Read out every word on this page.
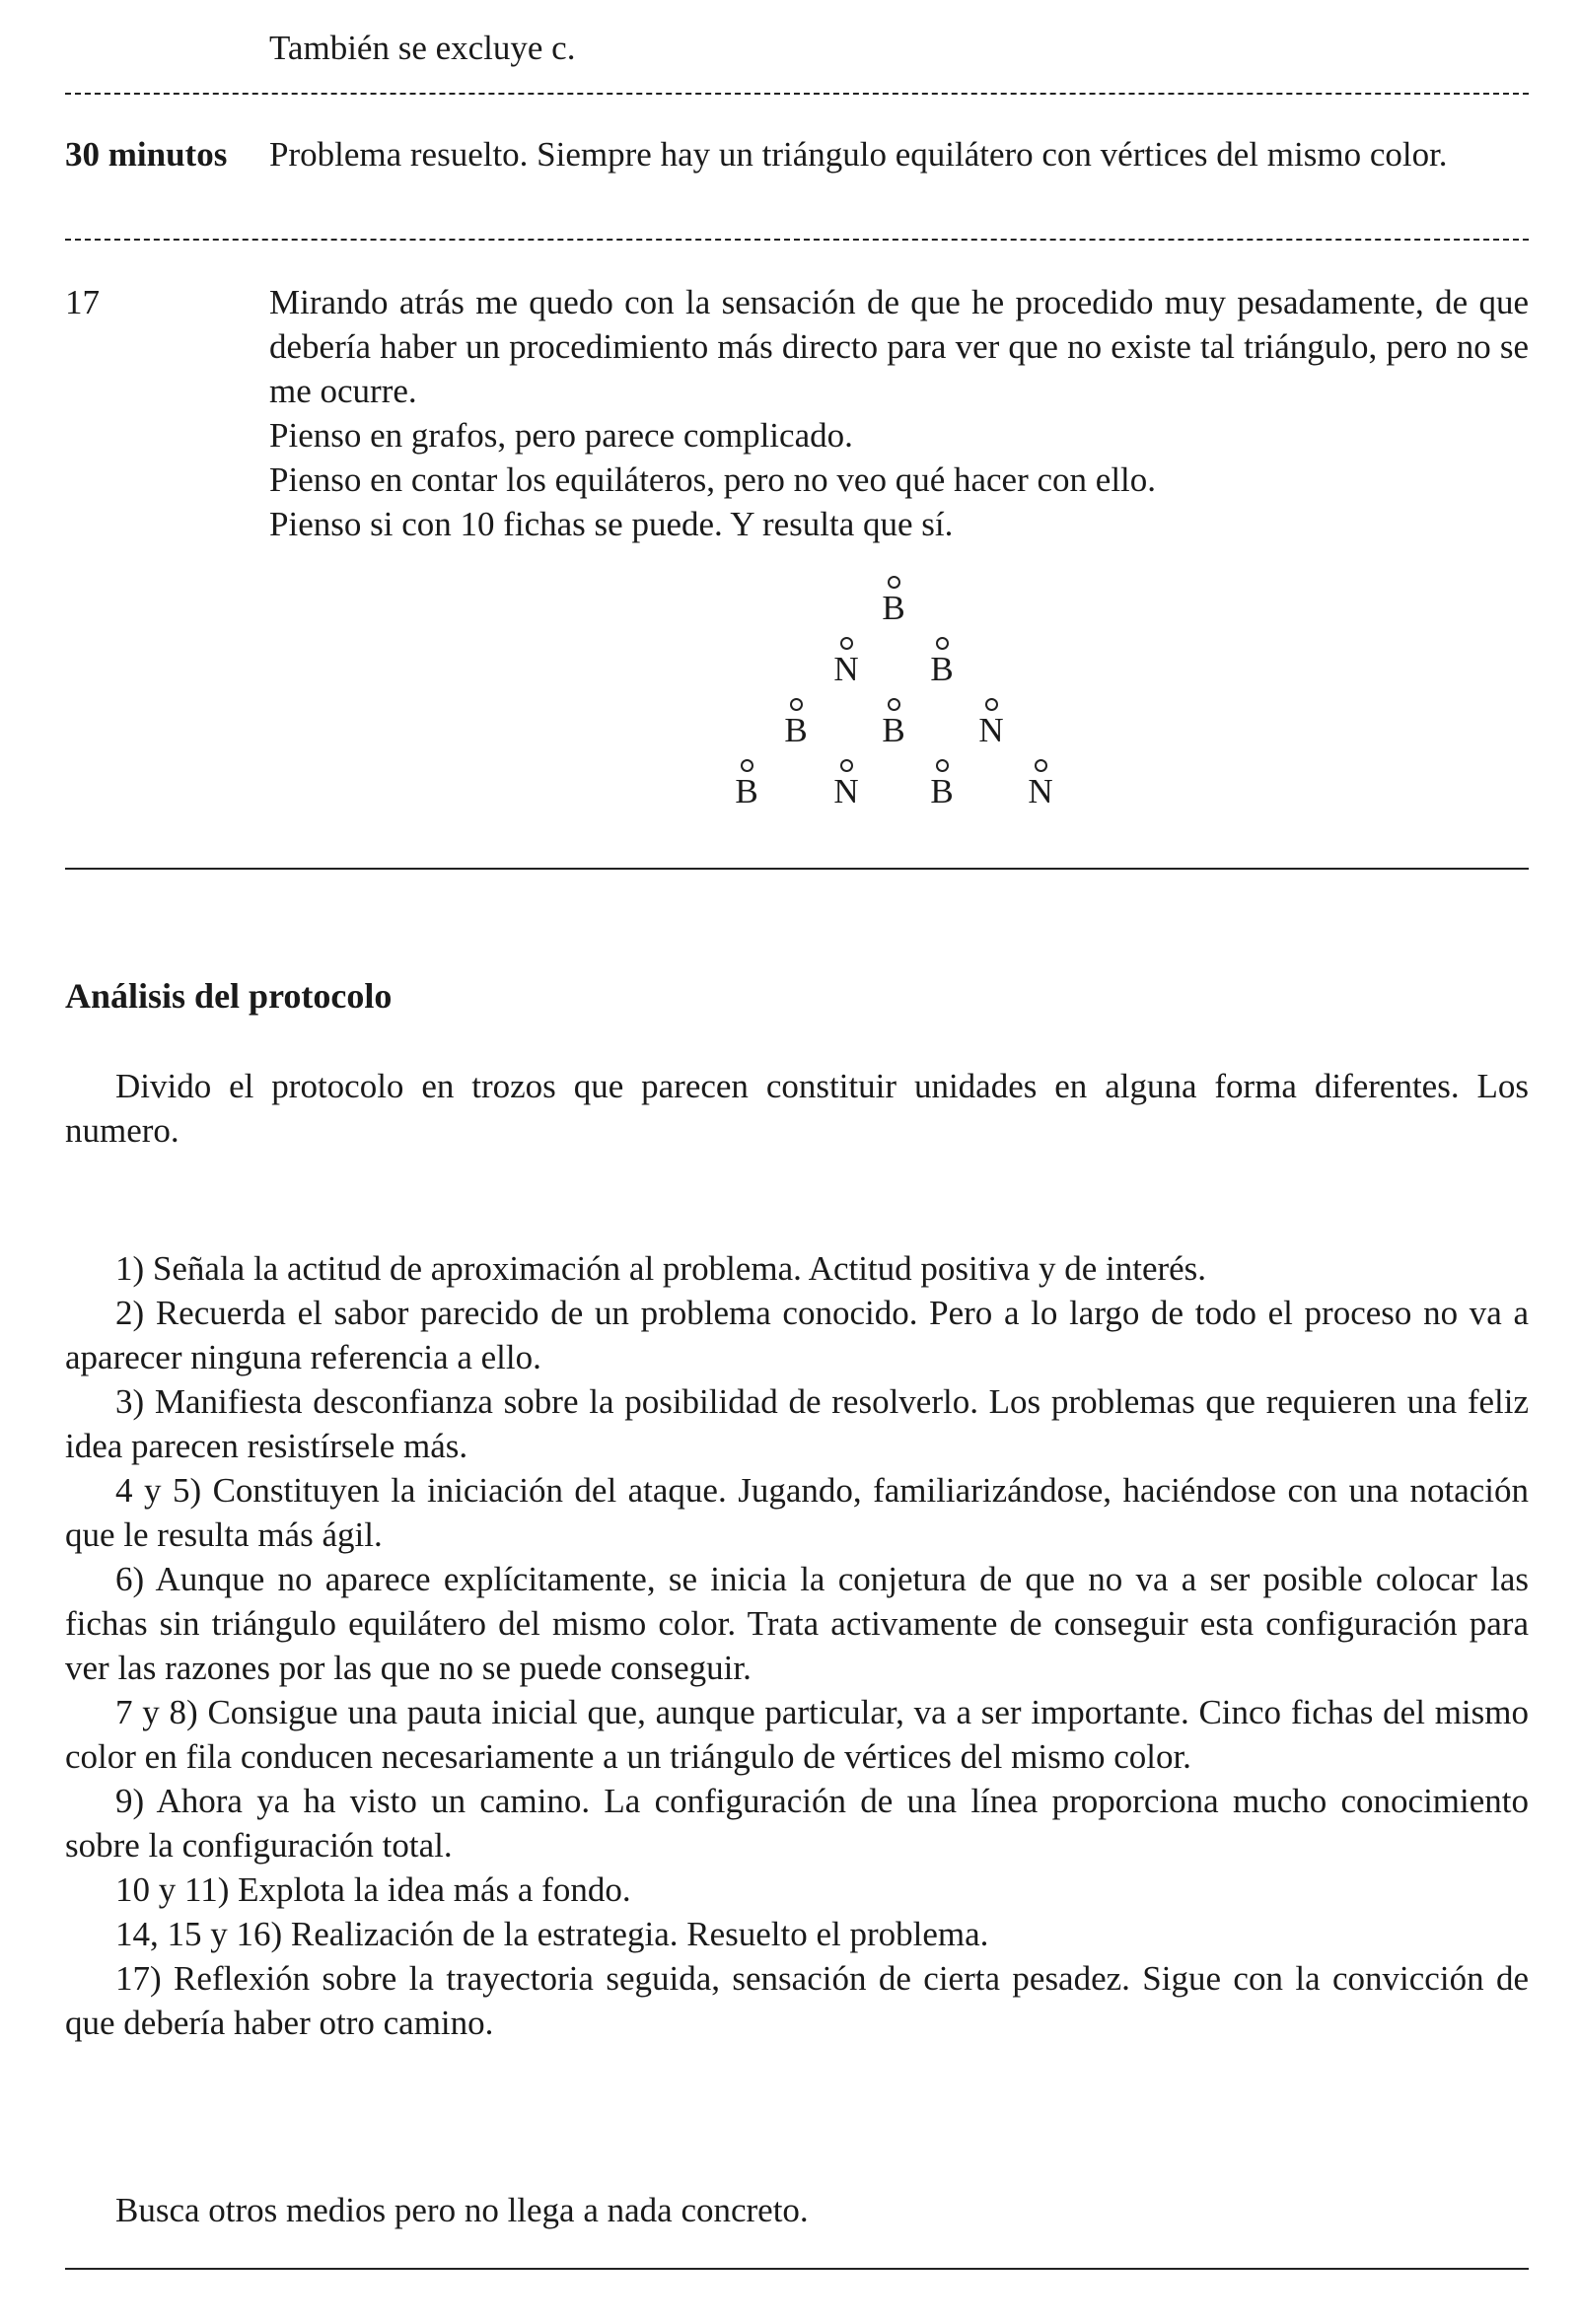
También se excluye c.
30 minutos	Problema resuelto. Siempre hay un triángulo equilátero con vértices del mismo color.

17	Mirando atrás me quedo con la sensación de que he procedido muy pesadamente, de que debería haber un procedimiento más directo para ver que no existe tal triángulo, pero no se me ocurre.

Pienso en grafos, pero parece complicado.

Pienso en contar los equiláteros, pero no veo qué hacer con ello.

Pienso si con 10 fichas se puede. Y resulta que sí.

B
N B
B B N
B N B N
Análisis del protocolo

Divido el protocolo en trozos que parecen constituir unidades en alguna forma diferentes. Los numero.

1) Señala la actitud de aproximación al problema. Actitud positiva y de interés.
2) Recuerda el sabor parecido de un problema conocido. Pero a lo largo de todo el proceso no va a aparecer ninguna referencia a ello.
3) Manifiesta desconfianza sobre la posibilidad de resolverlo. Los problemas que requieren una feliz idea parecen resistírsele más.
4 y 5) Constituyen la iniciación del ataque. Jugando, familiarizándose, haciéndose con una notación que le resulta más ágil.
6) Aunque no aparece explícitamente, se inicia la conjetura de que no va a ser posible colocar las fichas sin triángulo equilátero del mismo color. Trata activamente de conseguir esta configuración para ver las razones por las que no se puede conseguir.
7 y 8) Consigue una pauta inicial que, aunque particular, va a ser importante. Cinco fichas del mismo color en fila conducen necesariamente a un triángulo de vértices del mismo color.
9) Ahora ya ha visto un camino. La configuración de una línea proporciona mucho conocimiento sobre la configuración total.
10 y 11) Explota la idea más a fondo.
14, 15 y 16) Realización de la estrategia. Resuelto el problema.
17) Reflexión sobre la trayectoria seguida, sensación de cierta pesadez. Sigue con la convicción de que debería haber otro camino.

Busca otros medios pero no llega a nada concreto.
